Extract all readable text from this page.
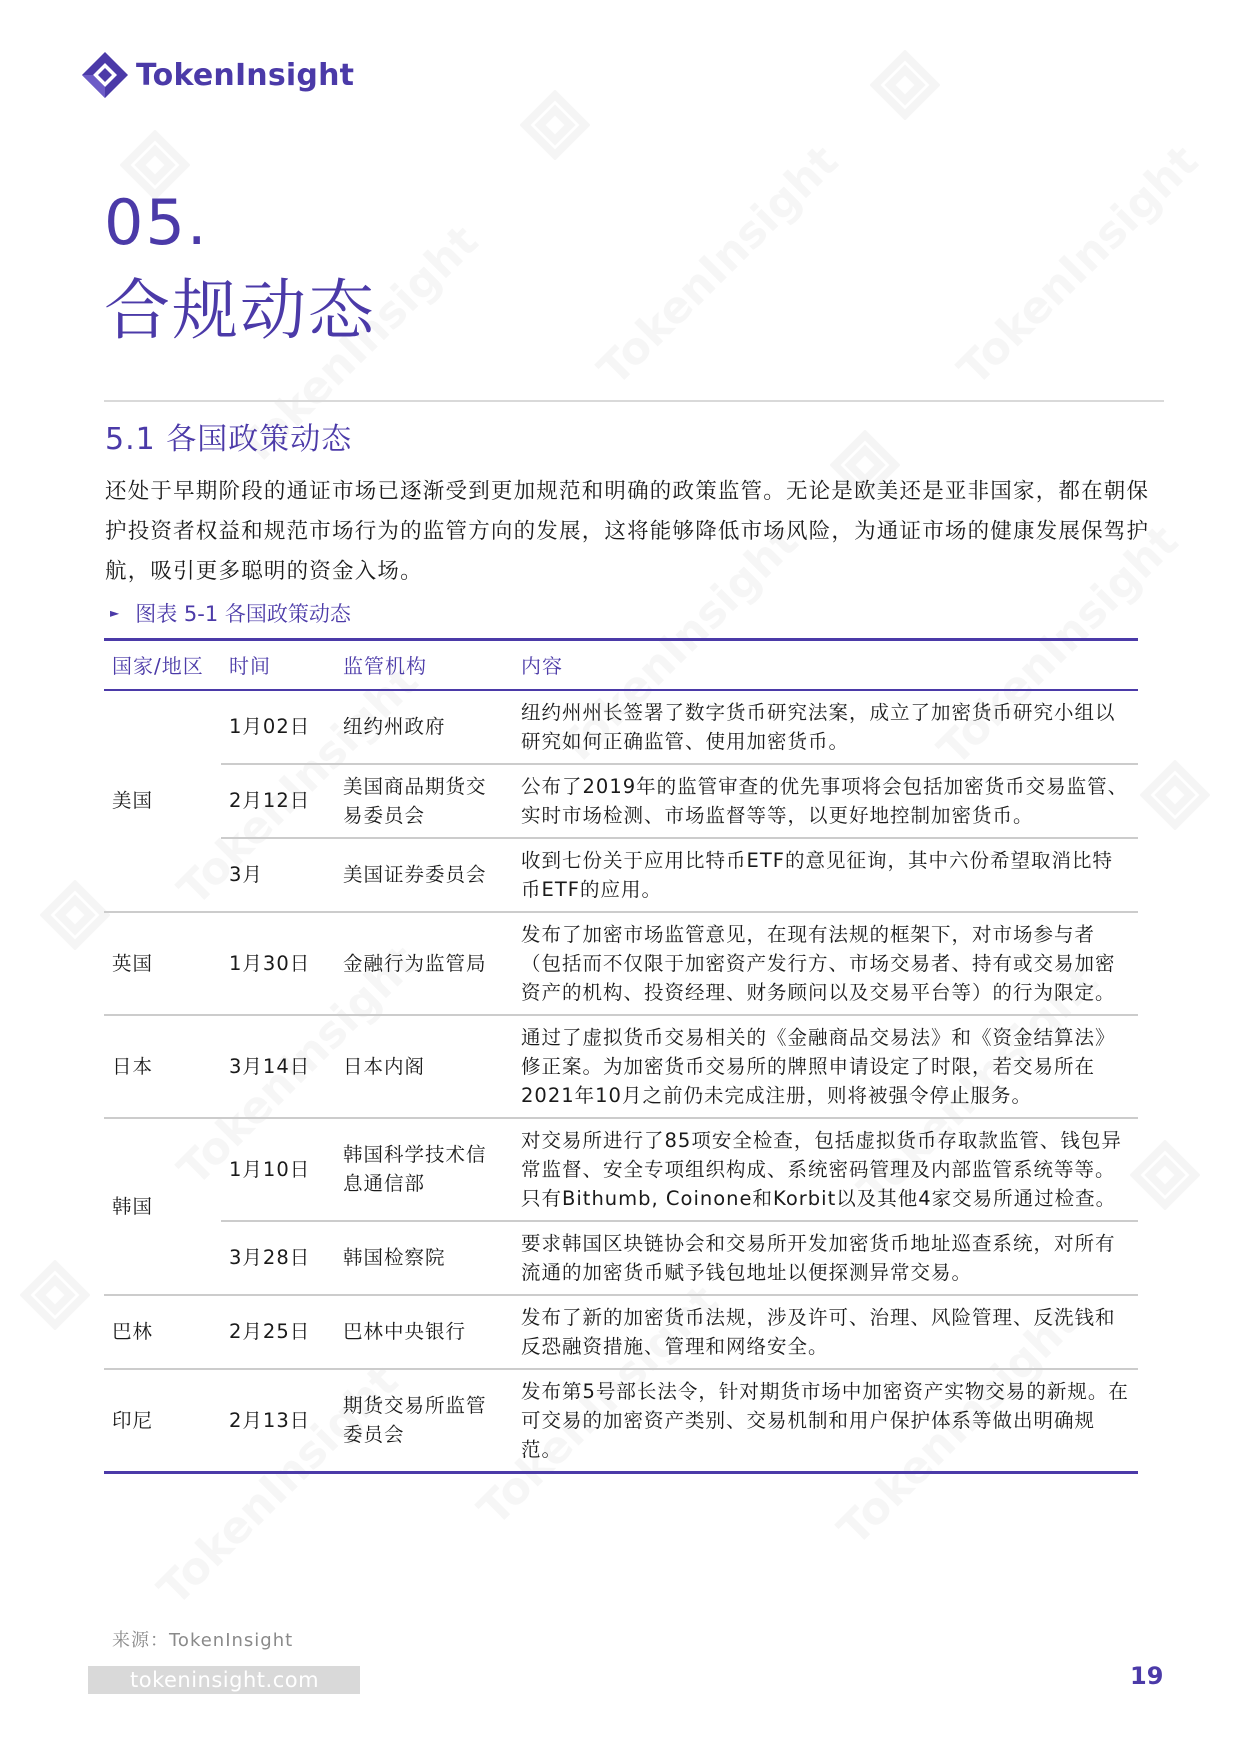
TokenInsight
05.
合规动态
5.1 各国政策动态

还处于早期阶段的通证市场已逐渐受到更加规范和明确的政策监管。无论是欧美还是亚非国家，都在朝保护投资者权益和规范市场行为的监管方向的发展，这将能够降低市场风险，为通证市场的健康发展保驾护航，吸引更多聪明的资金入场。

► 图表 5-1 各国政策动态
国家/地区	时间	监管机构	内容
美国	1月02日	纽约州政府	纽约州州长签署了数字货币研究法案，成立了加密货币研究小组以研究如何正确监管、使用加密货币。
	2月12日	美国商品期货交易委员会	公布了2019年的监管审查的优先事项将会包括加密货币交易监管、实时市场检测、市场监督等等，以更好地控制加密货币。
	3月	美国证券委员会	收到七份关于应用比特币ETF的意见征询，其中六份希望取消比特币ETF的应用。
英国	1月30日	金融行为监管局	发布了加密市场监管意见，在现有法规的框架下，对市场参与者（包括而不仅限于加密资产发行方、市场交易者、持有或交易加密资产的机构、投资经理、财务顾问以及交易平台等）的行为限定。
日本	3月14日	日本内阁	通过了虚拟货币交易相关的《金融商品交易法》和《资金结算法》修正案。为加密货币交易所的牌照申请设定了时限，若交易所在2021年10月之前仍未完成注册，则将被强令停止服务。
韩国	1月10日	韩国科学技术信息通信部	对交易所进行了85项安全检查，包括虚拟货币存取款监管、钱包异常监督、安全专项组织构成、系统密码管理及内部监管系统等等。只有Bithumb, Coinone和Korbit以及其他4家交易所通过检查。
	3月28日	韩国检察院	要求韩国区块链协会和交易所开发加密货币地址巡查系统，对所有流通的加密货币赋予钱包地址以便探测异常交易。
巴林	2月25日	巴林中央银行	发布了新的加密货币法规，涉及许可、治理、风险管理、反洗钱和反恐融资措施、管理和网络安全。
印尼	2月13日	期货交易所监管委员会	发布第5号部长法令，针对期货市场中加密资产实物交易的新规。在可交易的加密资产类别、交易机制和用户保护体系等做出明确规范。
来源：TokenInsight
tokeninsight.com	19
